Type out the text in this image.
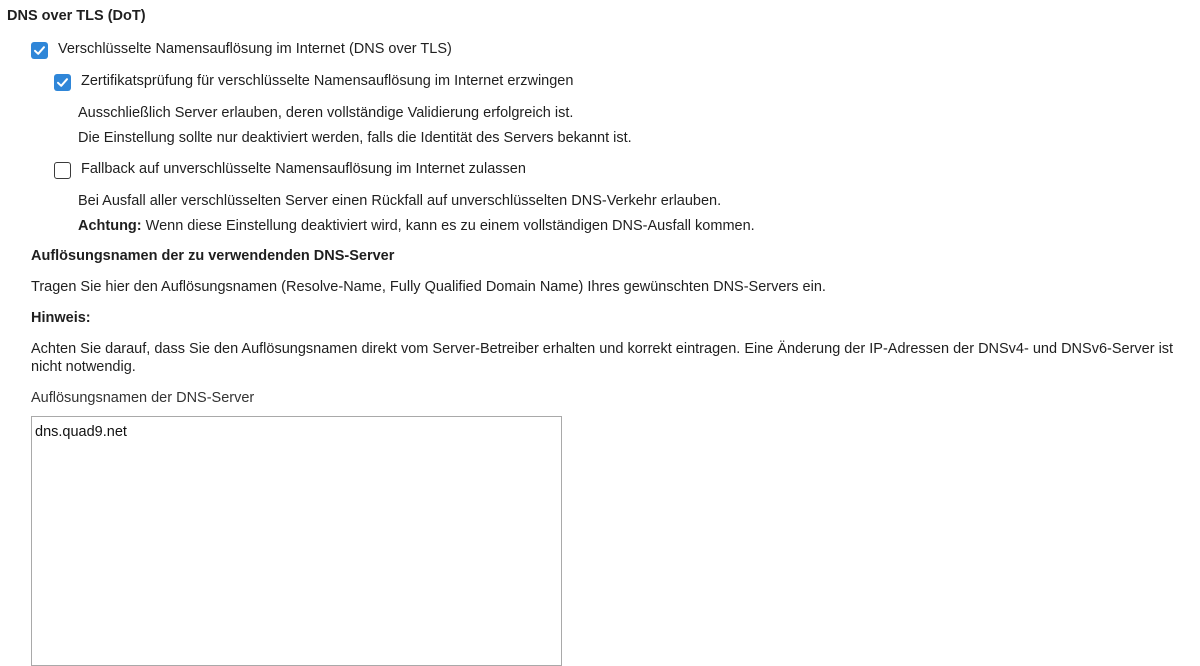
DNS over TLS (DoT)
Verschlüsselte Namensauflösung im Internet (DNS over TLS)
Zertifikatsprüfung für verschlüsselte Namensauflösung im Internet erzwingen
Ausschließlich Server erlauben, deren vollständige Validierung erfolgreich ist.
Die Einstellung sollte nur deaktiviert werden, falls die Identität des Servers bekannt ist.
Fallback auf unverschlüsselte Namensauflösung im Internet zulassen
Bei Ausfall aller verschlüsselten Server einen Rückfall auf unverschlüsselten DNS-Verkehr erlauben.
Achtung: Wenn diese Einstellung deaktiviert wird, kann es zu einem vollständigen DNS-Ausfall kommen.
Auflösungsnamen der zu verwendenden DNS-Server
Tragen Sie hier den Auflösungsnamen (Resolve-Name, Fully Qualified Domain Name) Ihres gewünschten DNS-Servers ein.
Hinweis:
Achten Sie darauf, dass Sie den Auflösungsnamen direkt vom Server-Betreiber erhalten und korrekt eintragen. Eine Änderung der IP-Adressen der DNSv4- und DNSv6-Server ist
nicht notwendig.
Auflösungsnamen der DNS-Server
dns.quad9.net
